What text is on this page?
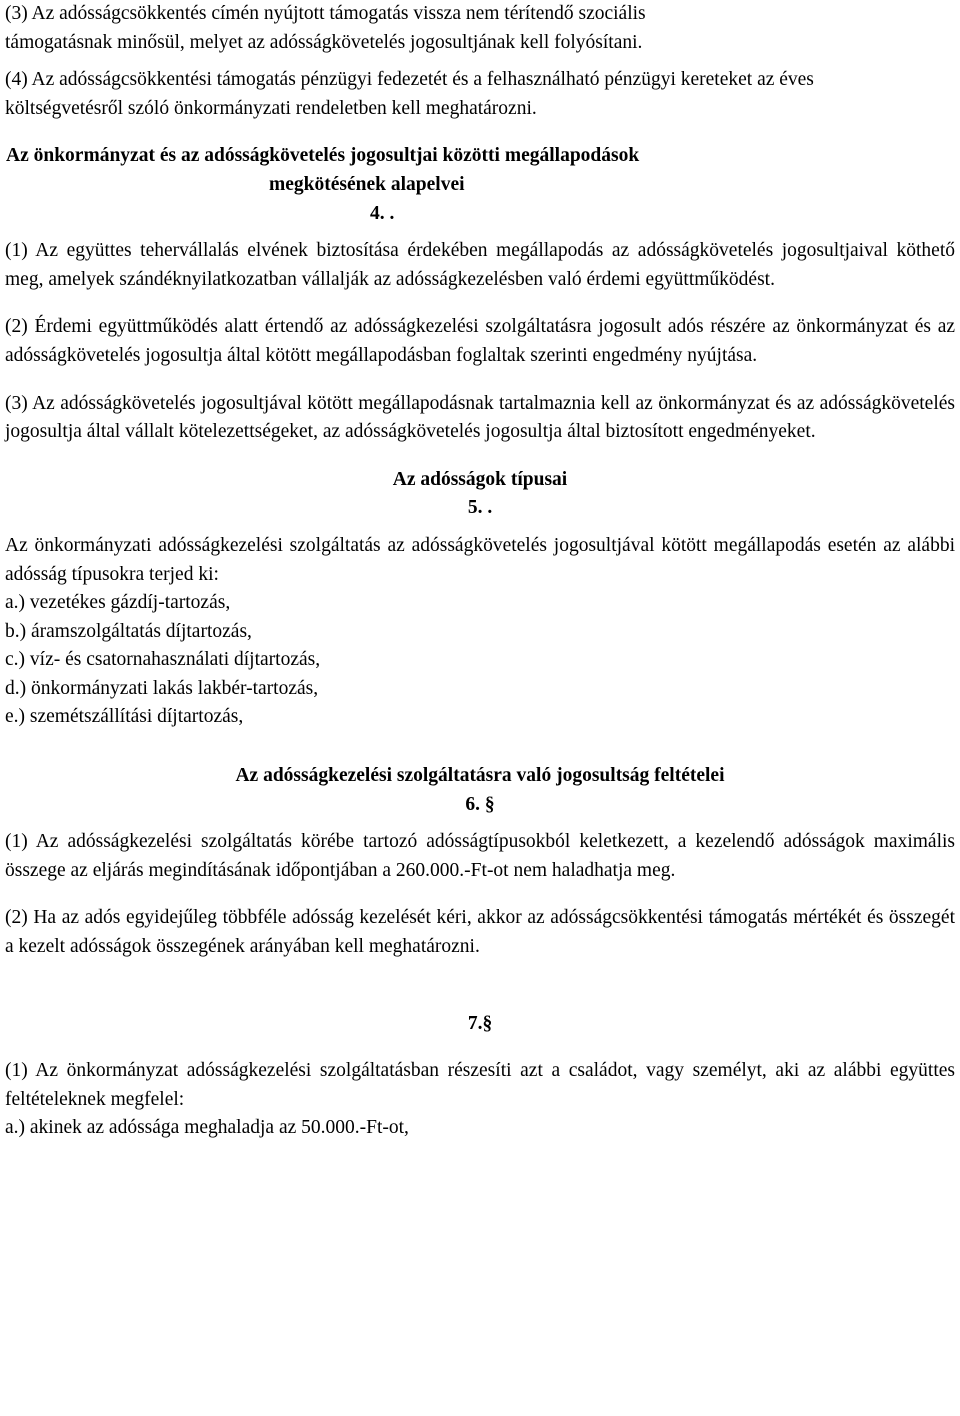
(3) Az adósságcsökkentés címén nyújtott támogatás vissza nem térítendő szociális támogatásnak minősül, melyet az adósságkövetelés jogosultjának kell folyósítani.

(4) Az adósságcsökkentési támogatás pénzügyi fedezetét és a felhasználható pénzügyi kereteket az éves költségvetésről szóló önkormányzati rendeletben kell meghatározni.

Az önkormányzat és az adósságkövetelés jogosultjai közötti megállapodások

megkötésének alapelvei

4. .

(1) Az együttes tehervállalás elvének biztosítása érdekében megállapodás az adósságkövetelés jogosultjaival köthető meg, amelyek szándéknyilatkozatban vállalják az adósságkezelésben való érdemi együttműködést.

(2) Érdemi együttműködés alatt értendő az adósságkezelési szolgáltatásra jogosult adós részére az önkormányzat és az adósságkövetelés jogosultja által kötött megállapodásban foglaltak szerinti engedmény nyújtása.

(3) Az adósságkövetelés jogosultjával kötött megállapodásnak tartalmaznia kell az önkormányzat és az adósságkövetelés jogosultja által vállalt kötelezettségeket, az adósságkövetelés jogosultja által biztosított engedményeket.

Az adósságok típusai

5. .

Az önkormányzati adósságkezelési szolgáltatás az adósságkövetelés jogosultjával kötött megállapodás esetén az alábbi adósság típusokra terjed ki:

a.) vezetékes gázdíj-tartozás,
b.) áramszolgáltatás díjtartozás,
c.) víz- és csatornahasználati díjtartozás,
d.) önkormányzati lakás lakbér-tartozás,
e.) szemétszállítási díjtartozás,

Az adósságkezelési szolgáltatásra való jogosultság feltételei

6. §

(1) Az adósságkezelési szolgáltatás körébe tartozó adósságtípusokból keletkezett, a kezelendő adósságok maximális összege az eljárás megindításának időpontjában a 260.000.-Ft-ot nem haladhatja meg.

(2) Ha az adós egyidejűleg többféle adósság kezelését kéri, akkor az adósságcsökkentési támogatás mértékét és összegét a kezelt adósságok összegének arányában kell meghatározni.

7.§

(1) Az önkormányzat adósságkezelési szolgáltatásban részesíti azt a családot, vagy személyt, aki az alábbi együttes feltételeknek megfelel:

a.) akinek az adóssága meghaladja az 50.000.-Ft-ot,
